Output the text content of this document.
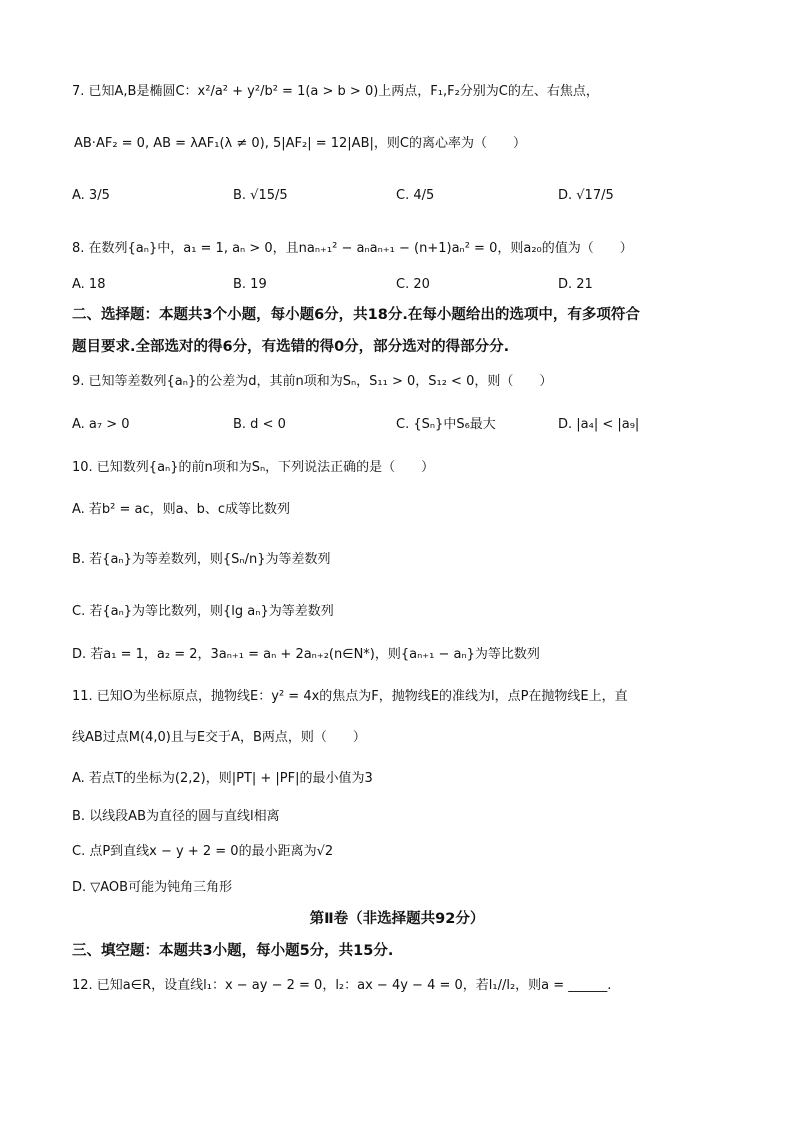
7. 已知A,B是椭圆C：x²/a² + y²/b² = 1(a > b > 0)上两点，F₁,F₂分别为C的左、右焦点，
AB·AF₂ = 0, AB = λAF₁(λ ≠ 0), 5|AF₂| = 12|AB|，则C的离心率为（　　）
A. 3/5	B. √15/5	C. 4/5	D. √17/5
8. 在数列{aₙ}中，a₁ = 1, aₙ > 0，且naₙ₊₁² − aₙaₙ₊₁ − (n+1)aₙ² = 0，则a₂₀的值为（　　）
A. 18	B. 19	C. 20	D. 21
二、选择题：本题共3个小题，每小题6分，共18分.在每小题给出的选项中，有多项符合
题目要求.全部选对的得6分，有选错的得0分，部分选对的得部分分.
9. 已知等差数列{aₙ}的公差为d，其前n项和为Sₙ，S₁₁ > 0，S₁₂ < 0，则（　　）
A. a₇ > 0	B. d < 0	C. {Sₙ}中S₆最大	D. |a₄| < |a₉|
10. 已知数列{aₙ}的前n项和为Sₙ，下列说法正确的是（　　）
A. 若b² = ac，则a、b、c成等比数列
B. 若{aₙ}为等差数列，则{Sₙ/n}为等差数列
C. 若{aₙ}为等比数列，则{lg aₙ}为等差数列
D. 若a₁ = 1，a₂ = 2，3aₙ₊₁ = aₙ + 2aₙ₊₂(n∈N*)，则{aₙ₊₁ − aₙ}为等比数列
11. 已知O为坐标原点，抛物线E：y² = 4x的焦点为F，抛物线E的准线为l，点P在抛物线E上，直
线AB过点M(4,0)且与E交于A，B两点，则（　　）
A. 若点T的坐标为(2,2)，则|PT| + |PF|的最小值为3
B. 以线段AB为直径的圆与直线l相离
C. 点P到直线x − y + 2 = 0的最小距离为√2
D. ▽AOB可能为钝角三角形
第Ⅱ卷（非选择题共92分）
三、填空题：本题共3小题，每小题5分，共15分.
12. 已知a∈R，设直线l₁：x − ay − 2 = 0，l₂：ax − 4y − 4 = 0，若l₁//l₂，则a = ______.
